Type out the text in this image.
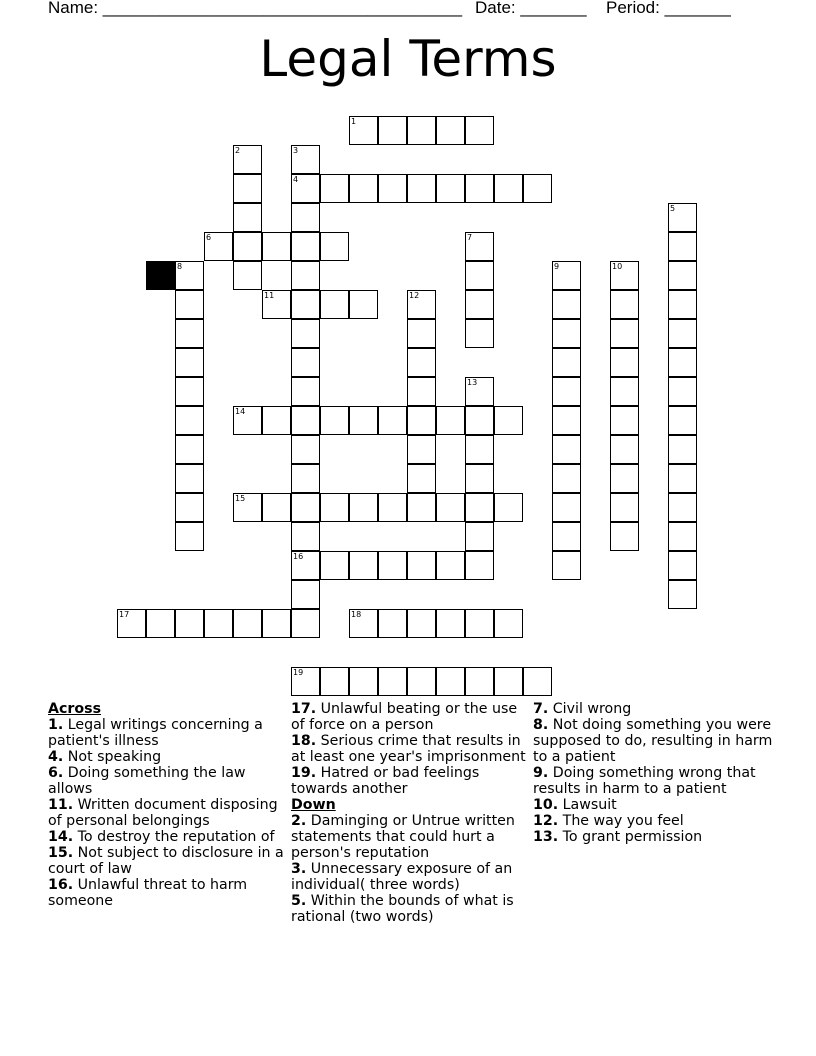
Name: ______________________________________ Date: _______ Period: _______
Legal Terms
1
2	3
4
5
6	7
8	9	10
11	12
13
14
15
16
17	18
19
Across
1. Legal writings concerning a patient's illness
4. Not speaking
6. Doing something the law allows
11. Written document disposing of personal belongings
14. To destroy the reputation of
15. Not subject to disclosure in a court of law
16. Unlawful threat to harm someone
17. Unlawful beating or the use of force on a person
18. Serious crime that results in at least one year's imprisonment
19. Hatred or bad feelings towards another
Down
2. Daminging or Untrue written statements that could hurt a person's reputation
3. Unnecessary exposure of an individual( three words)
5. Within the bounds of what is rational (two words)
7. Civil wrong
8. Not doing something you were supposed to do, resulting in harm to a patient
9. Doing something wrong that results in harm to a patient
10. Lawsuit
12. The way you feel
13. To grant permission
